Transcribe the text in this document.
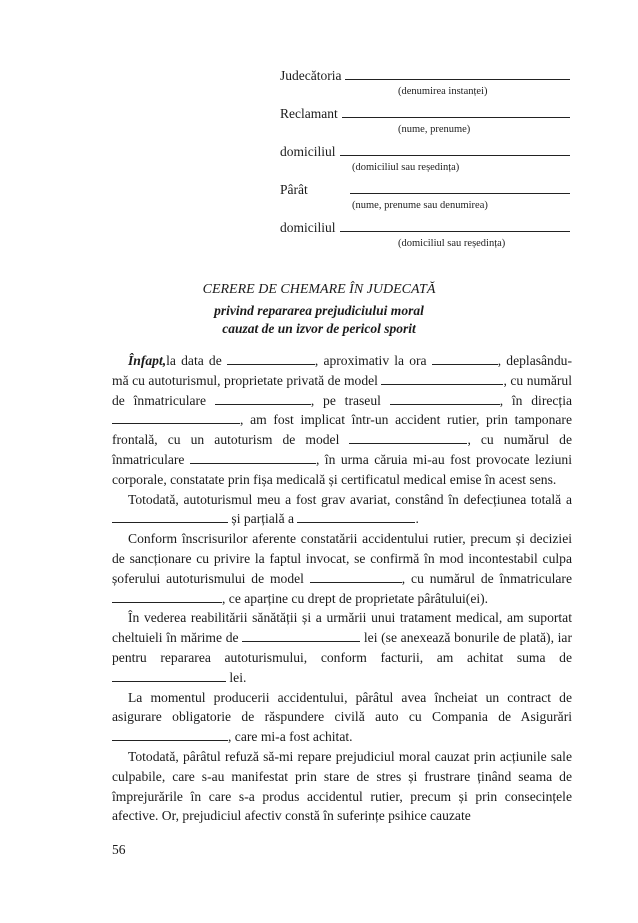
Judecătoria
(denumirea instanței)
Reclamant
(nume, prenume)
domiciliul
(domiciliul sau reședința)
Pârât
(nume, prenume sau denumirea)
domiciliul
(domiciliul sau reședința)
CERERE DE CHEMARE ÎN JUDECATĂ
privind repararea prejudiciului moral
cauzat de un izvor de pericol sporit

Înfapt,la data de	, aproximativ la ora	, deplasându-mă cu autoturismul, proprietate privată de model	, cu numărul de înmatriculare	, pe traseul	, în direcția , am fost implicat într-un accident rutier, prin tamponare frontală, cu un autoturism de model	, cu numărul de înmatriculare	, în urma căruia mi-au fost provocate leziuni corporale, constatate prin fișa medicală și certificatul medical emise în acest sens.

Totodată, autoturismul meu a fost grav avariat, constând în defecțiunea totală a  și parțială a	.

Conform înscrisurilor aferente constatării accidentului rutier, precum și deciziei de sancționare cu privire la faptul invocat, se confirmă în mod incontestabil culpa șoferului autoturismului de model	, cu numărul de înmatriculare , ce aparține cu drept de proprietate pârâtului(ei).

În vederea reabilitării sănătății și a urmării unui tratament medical, am suportat cheltuieli în mărime de	lei (se anexează bonurile de plată), iar pentru repararea autoturismului, conform facturii, am achitat suma de  lei.

La momentul producerii accidentului, pârâtul avea încheiat un contract de asigurare obligatorie de răspundere civilă auto cu Compania de Asigurări , care mi-a fost achitat.

Totodată, pârâtul refuză să-mi repare prejudiciul moral cauzat prin acțiunile sale culpabile, care s-au manifestat prin stare de stres și frustrare ținând seama de împrejurările în care s-a produs accidentul rutier, precum și prin consecințele afective. Or, prejudiciul afectiv constă în suferințe psihice cauzate

56
